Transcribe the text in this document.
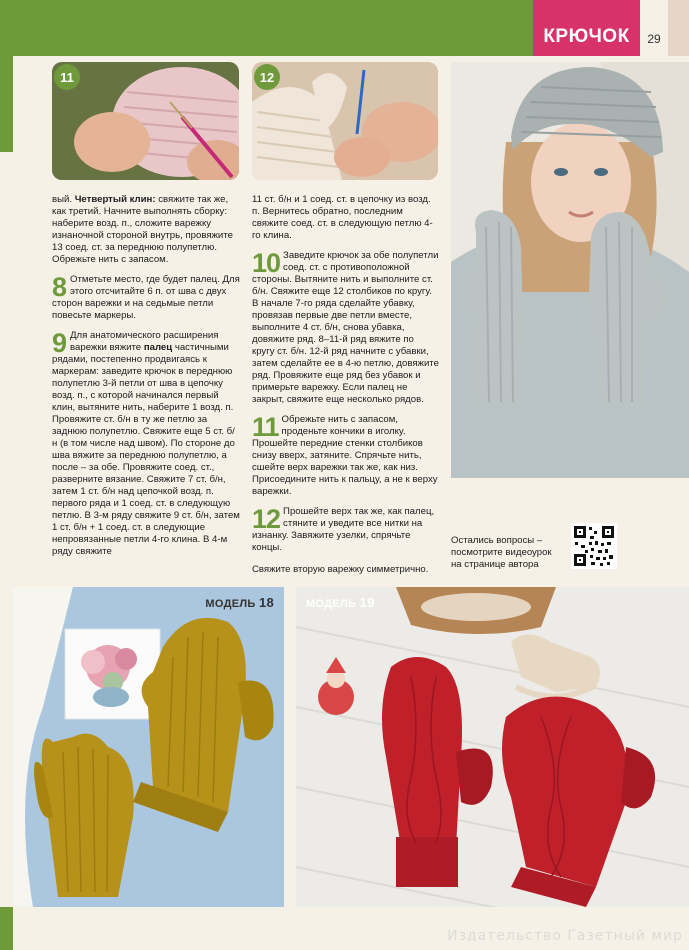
КРЮЧОК	29
11	12

вый. Четвертый клин: свяжите так же, как третий. Начните выполнять сборку: наберите возд. п., сложите варежку изнаночной стороной внутрь, провяжите 13 соед. ст. за переднюю полупетлю. Обрежьте нить с запасом.

8 Отметьте место, где будет палец. Для этого отсчитайте 6 п. от шва с двух сторон варежки и на седьмые петли повесьте маркеры.

9 Для анатомического расширения варежки вяжите палец частичными рядами, постепенно продвигаясь к маркерам: заведите крючок в переднюю полупетлю 3-й петли от шва в цепочку возд. п., с которой начинался первый клин, вытяните нить, наберите 1 возд. п. Провяжите ст. б/н в ту же петлю за заднюю полупетлю. Свяжите еще 5 ст. б/н (в том числе над швом). По стороне до шва вяжите за переднюю полупетлю, а после – за обе. Провяжите соед. ст., разверните вязание. Свяжите 7 ст. б/н, затем 1 ст. б/н над цепочкой возд. п. первого ряда и 1 соед. ст. в следующую петлю. В 3-м ряду свяжите 9 ст. б/н, затем 1 ст. б/н + 1 соед. ст. в следующие непровязанные петли 4-го клина. В 4-м ряду свяжите

11 ст. б/н и 1 соед. ст. в цепочку из возд. п. Вернитесь обратно, последним свяжите соед. ст. в следующую петлю 4-го клина.

10 Заведите крючок за обе полупетли соед. ст. с противоположной стороны. Вытяните нить и выполните ст. б/н. Свяжите еще 12 столбиков по кругу. В начале 7-го ряда сделайте убавку, провязав первые две петли вместе, выполните 4 ст. б/н, снова убавка, довяжите ряд. 8–11-й ряд вяжите по кругу ст. б/н. 12-й ряд начните с убавки, затем сделайте ее в 4-ю петлю, довяжите ряд. Провяжите еще ряд без убавок и примерьте варежку. Если палец не закрыт, свяжите еще несколько рядов.

11 Обрежьте нить с запасом, проденьте кончики в иголку. Прошейте передние стенки столбиков снизу вверх, затяните. Спрячьте нить, сшейте верх варежки так же, как низ. Присоедините нить к пальцу, а не к верху варежки.

12 Прошейте верх так же, как палец, стяните и уведите все нитки на изнанку. Завяжите узелки, спрячьте концы.

Свяжите вторую варежку симметрично.

Остались вопросы – посмотрите видеоурок на странице автора
МОДЕЛЬ 18	МОДЕЛЬ 19
Издательство Газетный мир
